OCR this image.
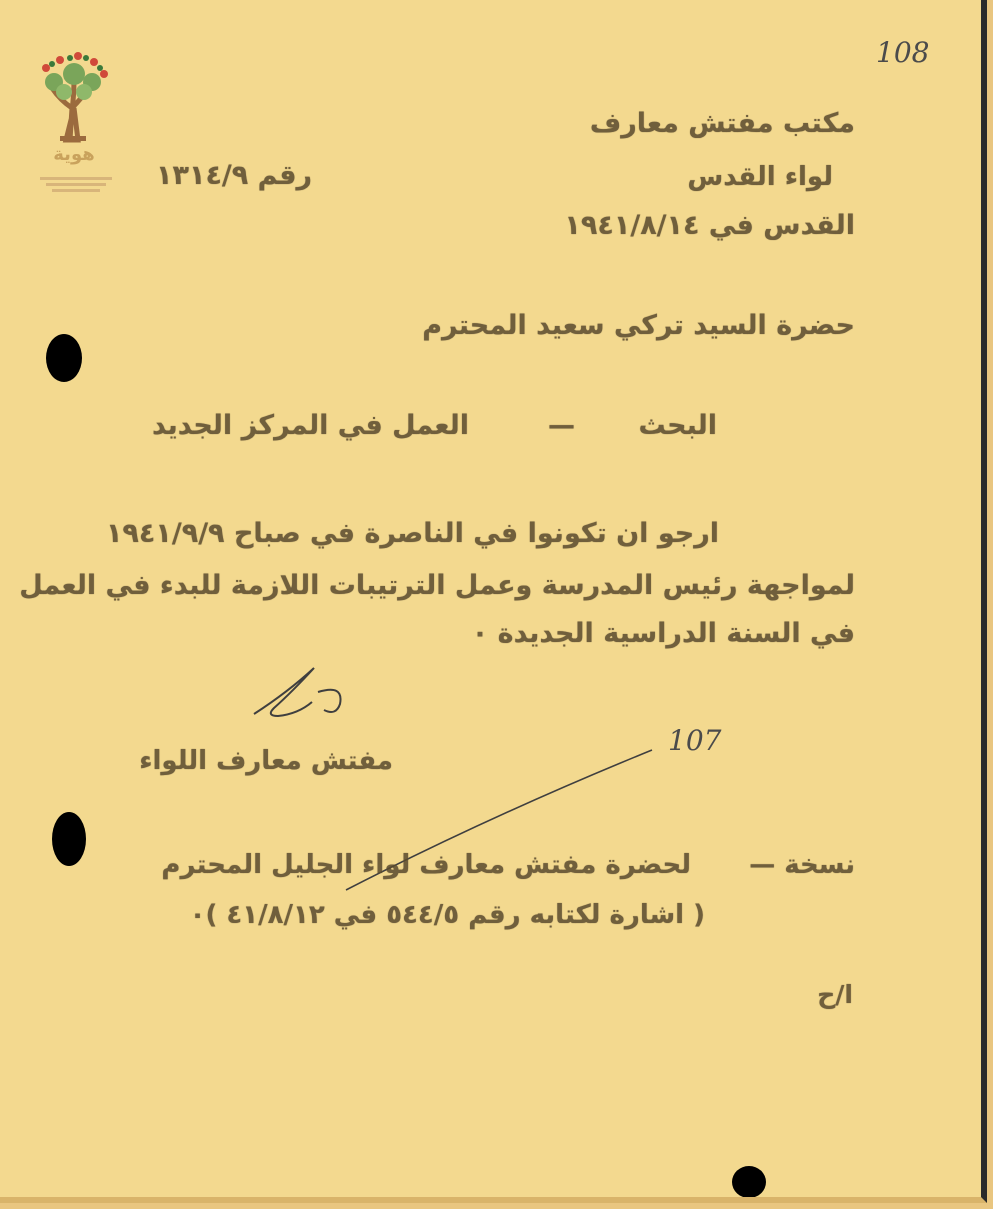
هوية
108
مكتب مفتش معارف
لواء القدس
رقم ١٣١٤/٩
القدس في ١٩٤١/٨/١٤
حضرة السيد تركي سعيد المحترم
البحث
—
العمل في المركز الجديد
ارجو ان تكونوا في الناصرة في صباح ١٩٤١/٩/٩
لمواجهة رئيس المدرسة وعمل الترتيبات اللازمة للبدء في العمل
في السنة الدراسية الجديدة ٠
مفتش معارف اللواء
107
نسخة —
لحضرة مفتش معارف لواء الجليل المحترم
( اشارة لكتابه رقم ٥٤٤/٥ في ٤١/٨/١٢ )٠
ا/ح
